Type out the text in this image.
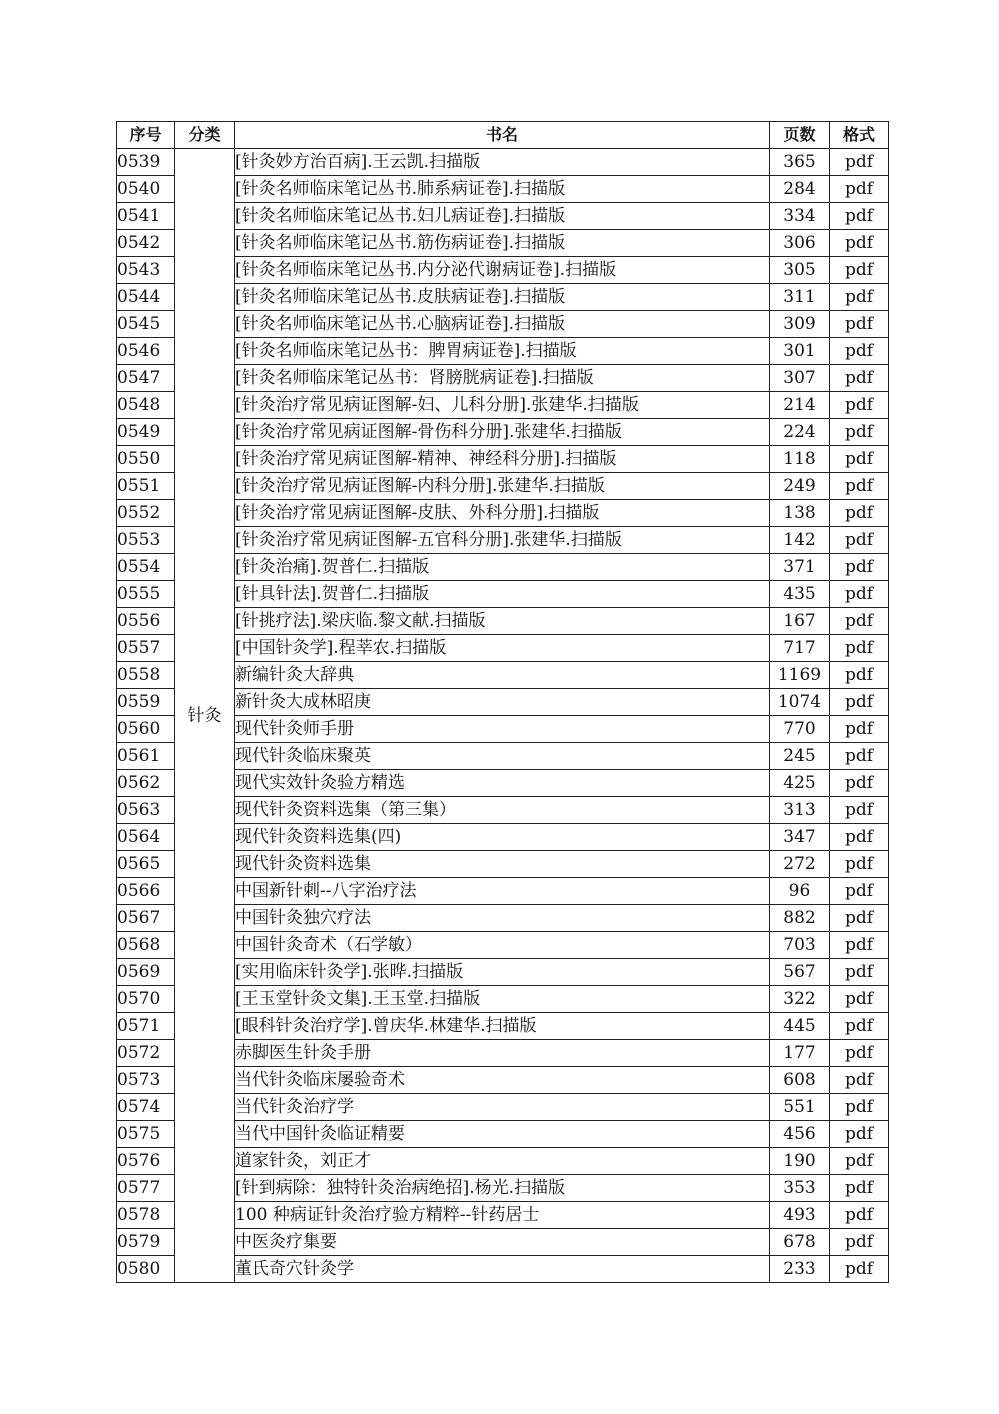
序号	分类	书名	页数	格式
0539	针灸	[针灸妙方治百病].王云凯.扫描版	365	pdf
0540		[针灸名师临床笔记丛书.肺系病证卷].扫描版	284	pdf
0541		[针灸名师临床笔记丛书.妇儿病证卷].扫描版	334	pdf
0542		[针灸名师临床笔记丛书.筋伤病证卷].扫描版	306	pdf
0543		[针灸名师临床笔记丛书.内分泌代谢病证卷].扫描版	305	pdf
0544		[针灸名师临床笔记丛书.皮肤病证卷].扫描版	311	pdf
0545		[针灸名师临床笔记丛书.心脑病证卷].扫描版	309	pdf
0546		[针灸名师临床笔记丛书：脾胃病证卷].扫描版	301	pdf
0547		[针灸名师临床笔记丛书：肾膀胱病证卷].扫描版	307	pdf
0548		[针灸治疗常见病证图解-妇、儿科分册].张建华.扫描版	214	pdf
0549		[针灸治疗常见病证图解-骨伤科分册].张建华.扫描版	224	pdf
0550		[针灸治疗常见病证图解-精神、神经科分册].扫描版	118	pdf
0551		[针灸治疗常见病证图解-内科分册].张建华.扫描版	249	pdf
0552		[针灸治疗常见病证图解-皮肤、外科分册].扫描版	138	pdf
0553		[针灸治疗常见病证图解-五官科分册].张建华.扫描版	142	pdf
0554		[针灸治痛].贺普仁.扫描版	371	pdf
0555		[针具针法].贺普仁.扫描版	435	pdf
0556		[针挑疗法].梁庆临.黎文献.扫描版	167	pdf
0557		[中国针灸学].程莘农.扫描版	717	pdf
0558		新编针灸大辞典	1169	pdf
0559		新针灸大成林昭庚	1074	pdf
0560		现代针灸师手册	770	pdf
0561		现代针灸临床聚英	245	pdf
0562		现代实效针灸验方精选	425	pdf
0563		现代针灸资料选集（第三集）	313	pdf
0564		现代针灸资料选集(四)	347	pdf
0565		现代针灸资料选集	272	pdf
0566		中国新针刺--八字治疗法	96	pdf
0567		中国针灸独穴疗法	882	pdf
0568		中国针灸奇术（石学敏）	703	pdf
0569		[实用临床针灸学].张晔.扫描版	567	pdf
0570		[王玉堂针灸文集].王玉堂.扫描版	322	pdf
0571		[眼科针灸治疗学].曾庆华.林建华.扫描版	445	pdf
0572		赤脚医生针灸手册	177	pdf
0573		当代针灸临床屡验奇术	608	pdf
0574		当代针灸治疗学	551	pdf
0575		当代中国针灸临证精要	456	pdf
0576		道家针灸，刘正才	190	pdf
0577		[针到病除：独特针灸治病绝招].杨光.扫描版	353	pdf
0578		100 种病证针灸治疗验方精粹--针药居士	493	pdf
0579		中医灸疗集要	678	pdf
0580		董氏奇穴针灸学	233	pdf
